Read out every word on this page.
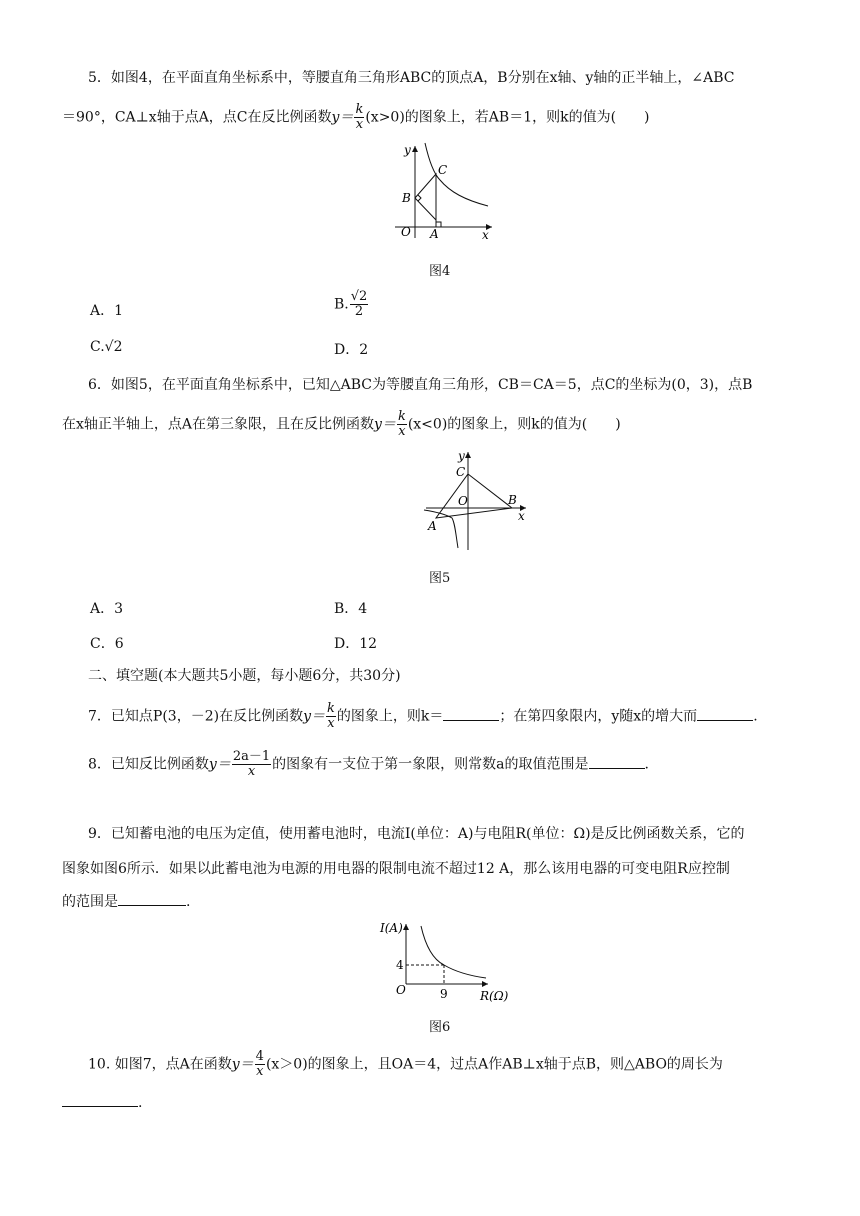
5．如图4，在平面直角坐标系中，等腰直角三角形ABC的顶点A，B分别在x轴、y轴的正半轴上，∠ABC
＝90°，CA⊥x轴于点A，点C在反比例函数$y= \frac{k}{x} (x>0)$的图象上，若AB＝1，则k的值为(　　)
y
x
O A
B
C
图4
A．1	B. $\frac{√2}{2}$
C.√2	D．2
6．如图5，在平面直角坐标系中，已知△ABC为等腰直角三角形，CB＝CA＝5，点C的坐标为(0，3)，点B
在x轴正半轴上，点A在第三象限，且在反比例函数$y= \frac{k}{x} (x<0)$的图象上，则k的值为(　　)
y
x
O
A
B
C
图5
A．3	B．4
C．6	D．12
二、填空题(本大题共5小题，每小题6分，共30分)
7．已知点P(3，－2)在反比例函数$y= \frac{k}{x}$ 的图象上，则k＝	；在第四象限内，y随x的增大而	.
8．已知反比例函数$y= \frac{2a-1}{x}$ 的图象有一支位于第一象限，则常数a的取值范围是	.
9．已知蓄电池的电压为定值，使用蓄电池时，电流I(单位：A)与电阻R(单位：Ω)是反比例函数关系，它的
图象如图6所示．如果以此蓄电池为电源的用电器的限制电流不超过12 A，那么该用电器的可变电阻R应控制
的范围是	.
I(A)
R(Ω)
O
4
9
图6
10. 如图7，点A在函数$y= \frac{4}{x} (x>0)$的图象上，且OA＝4，过点A作AB⊥x轴于点B，则△ABO的周长为
.
